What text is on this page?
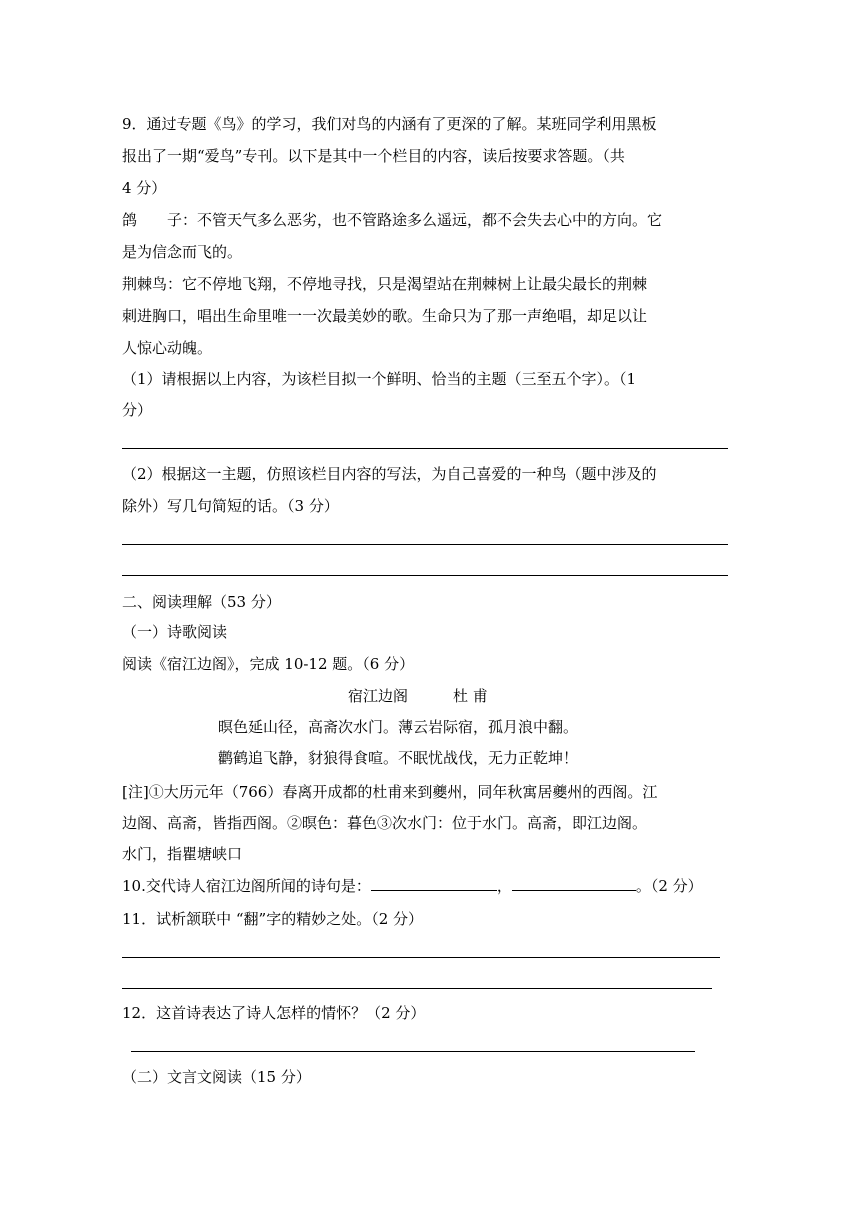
9．通过专题《鸟》的学习，我们对鸟的内涵有了更深的了解。某班同学利用黑板
报出了一期“爱鸟”专刊。以下是其中一个栏目的内容，读后按要求答题。（共
4 分）
鸽　　子：不管天气多么恶劣，也不管路途多么遥远，都不会失去心中的方向。它
是为信念而飞的。
荆棘鸟：它不停地飞翔，不停地寻找，只是渴望站在荆棘树上让最尖最长的荆棘
刺进胸口，唱出生命里唯一一次最美妙的歌。生命只为了那一声绝唱，却足以让
人惊心动魄。
（1）请根据以上内容，为该栏目拟一个鲜明、恰当的主题（三至五个字）。（1
分）
（2）根据这一主题，仿照该栏目内容的写法，为自己喜爱的一种鸟（题中涉及的
除外）写几句简短的话。（3 分）
二、阅读理解（53 分）
（一）诗歌阅读
阅读《宿江边阁》，完成 10-12 题。（6 分）
宿江边阁　　　杜 甫
暝色延山径，高斋次水门。薄云岩际宿，孤月浪中翻。
鹳鹤追飞静，豺狼得食喧。不眠忧战伐，无力正乾坤！
[注]①大历元年（766）春离开成都的杜甫来到夔州，同年秋寓居夔州的西阁。江
边阁、高斋，皆指西阁。②暝色：暮色③次水门：位于水门。高斋，即江边阁。
水门，指瞿塘峡口
10.交代诗人宿江边阁所闻的诗句是：	，	。（2 分）
11．试析颔联中 “翻”字的精妙之处。（2 分）
12．这首诗表达了诗人怎样的情怀？（2 分）
（二）文言文阅读（15 分）
